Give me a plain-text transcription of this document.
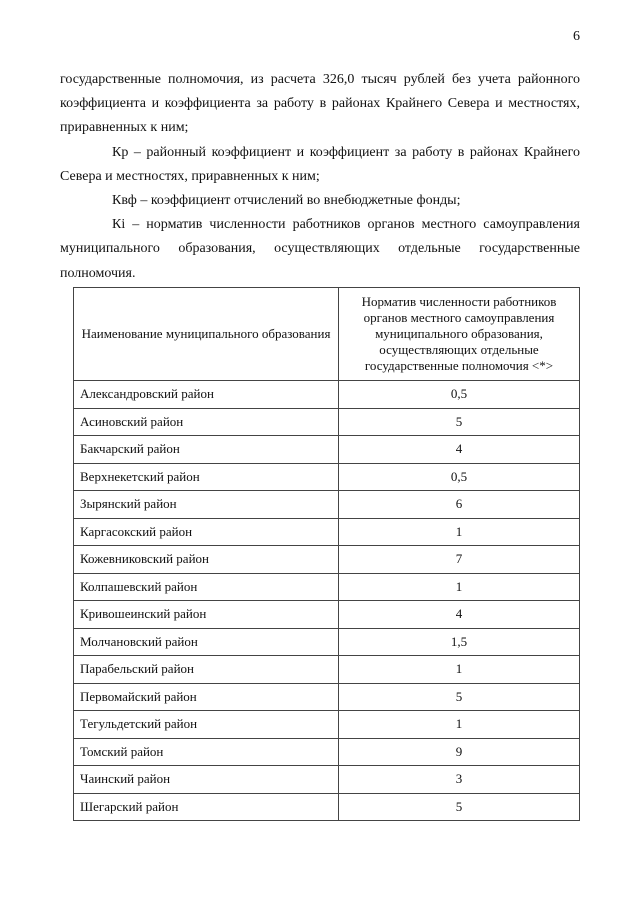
6

государственные полномочия, из расчета 326,0 тысяч рублей без учета районного коэффициента и коэффициента за работу в районах Крайнего Севера и местностях, приравненных к ним;

Кр – районный коэффициент и коэффициент за работу в районах Крайнего Севера и местностях, приравненных к ним;

Квф – коэффициент отчислений во внебюджетные фонды;

Кi – норматив численности работников органов местного самоуправления муниципального образования, осуществляющих отдельные государственные полномочия.

Наименование муниципального образования	Норматив численности работников органов местного самоуправления муниципального образования, осуществляющих отдельные государственные полномочия <*>
Александровский район	0,5
Асиновский район	5
Бакчарский район	4
Верхнекетский район	0,5
Зырянский район	6
Каргасокский район	1
Кожевниковский район	7
Колпашевский район	1
Кривошеинский район	4
Молчановский район	1,5
Парабельский район	1
Первомайский район	5
Тегульдетский район	1
Томский район	9
Чаинский район	3
Шегарский район	5
